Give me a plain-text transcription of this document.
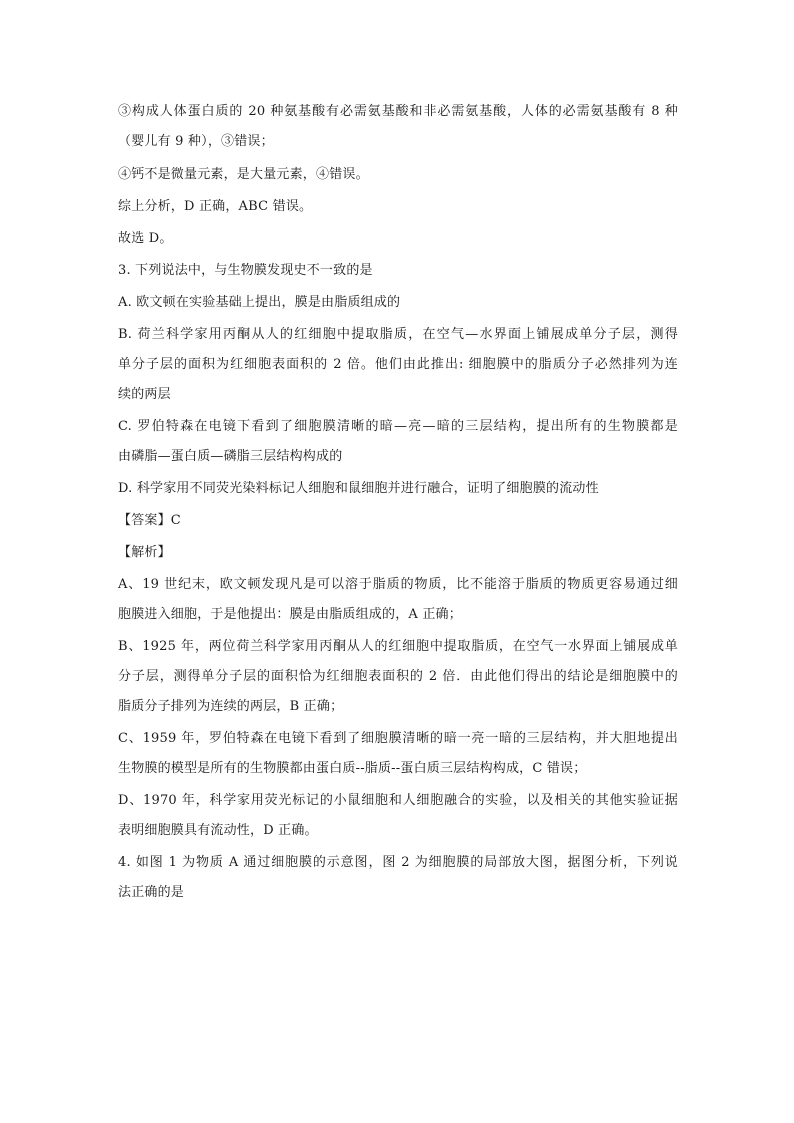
③构成人体蛋白质的 20 种氨基酸有必需氨基酸和非必需氨基酸，人体的必需氨基酸有 8 种
（婴儿有 9 种），③错误；
④钙不是微量元素，是大量元素，④错误。
综上分析，D 正确，ABC 错误。
故选 D。
3. 下列说法中，与生物膜发现史不一致的是
A. 欧文顿在实验基础上提出，膜是由脂质组成的
B. 荷兰科学家用丙酮从人的红细胞中提取脂质，在空气—水界面上铺展成单分子层，测得
单分子层的面积为红细胞表面积的 2 倍。他们由此推出: 细胞膜中的脂质分子必然排列为连
续的两层
C. 罗伯特森在电镜下看到了细胞膜清晰的暗—亮—暗的三层结构，提出所有的生物膜都是
由磷脂—蛋白质—磷脂三层结构构成的
D. 科学家用不同荧光染料标记人细胞和鼠细胞并进行融合，证明了细胞膜的流动性
【答案】C
【解析】
A、19 世纪末，欧文顿发现凡是可以溶于脂质的物质，比不能溶于脂质的物质更容易通过细
胞膜进入细胞，于是他提出：膜是由脂质组成的，A 正确；
B、1925 年，两位荷兰科学家用丙酮从人的红细胞中提取脂质，在空气一水界面上铺展成单
分子层，测得单分子层的面积恰为红细胞表面积的 2 倍．由此他们得出的结论是细胞膜中的
脂质分子排列为连续的两层，B 正确；
C、1959 年，罗伯特森在电镜下看到了细胞膜清晰的暗一亮一暗的三层结构，并大胆地提出
生物膜的模型是所有的生物膜都由蛋白质--脂质--蛋白质三层结构构成，C 错误；
D、1970 年，科学家用荧光标记的小鼠细胞和人细胞融合的实验，以及相关的其他实验证据
表明细胞膜具有流动性，D 正确。
4. 如图 1 为物质 A 通过细胞膜的示意图，图 2 为细胞膜的局部放大图，据图分析，下列说
法正确的是
